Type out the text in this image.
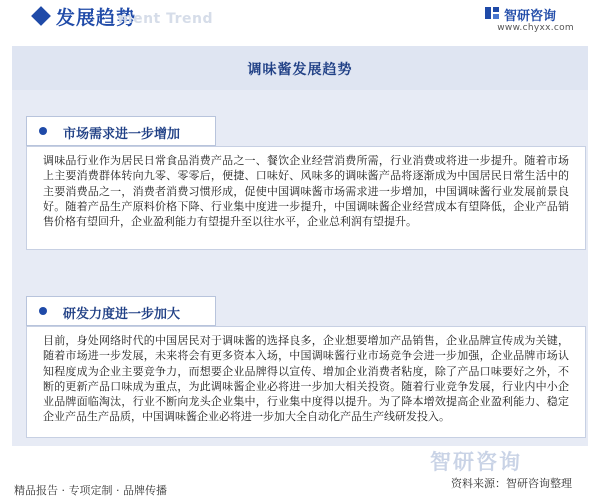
发展趋势
ment Trend	智研咨询
www.chyxx.com
调味酱发展趋势
市场需求进一步增加

调味品行业作为居民日常食品消费产品之一、餐饮企业经营消费所需，行业消费或将进一步提升。随着市场上主要消费群体转向九零、零零后，便捷、口味好、风味多的调味酱产品将逐渐成为中国居民日常生活中的主要消费品之一，消费者消费习惯形成，促使中国调味酱市场需求进一步增加，中国调味酱行业发展前景良好。随着产品生产原料价格下降、行业集中度进一步提升，中国调味酱企业经营成本有望降低，企业产品销售价格有望回升，企业盈利能力有望提升至以往水平，企业总利润有望提升。

研发力度进一步加大

目前，身处网络时代的中国居民对于调味酱的选择良多，企业想要增加产品销售，企业品牌宣传成为关键，随着市场进一步发展，未来将会有更多资本入场，中国调味酱行业市场竞争会进一步加强，企业品牌市场认知程度成为企业主要竞争力，而想要企业品牌得以宣传、增加企业消费者粘度，除了产品口味要好之外，不断的更新产品口味成为重点，为此调味酱企业必将进一步加大相关投资。随着行业竞争发展，行业内中小企业品牌面临淘汰，行业不断向龙头企业集中，行业集中度得以提升。为了降本增效提高企业盈利能力、稳定企业产品生产品质，中国调味酱企业必将进一步加大全自动化产品生产线研发投入。

智研咨询
精品报告 · 专项定制 · 品牌传播
资料来源：智研咨询整理
